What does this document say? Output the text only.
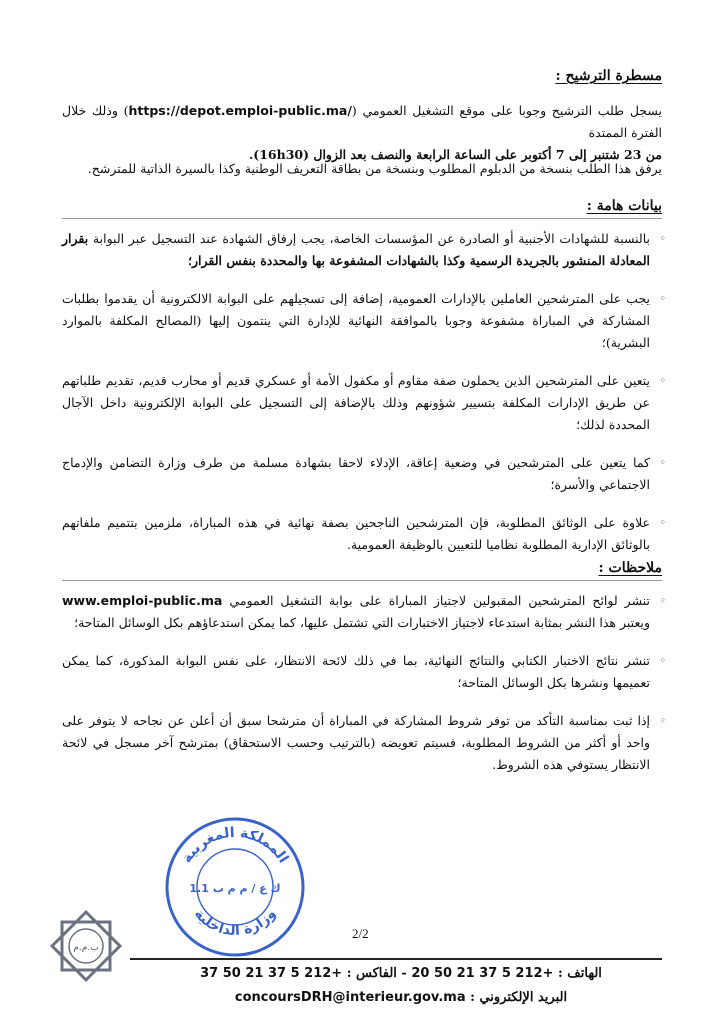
مسطرة الترشيح :

يسجل طلب الترشيح وجوبا على موقع التشغيل العمومي (https://depot.emploi-public.ma/) وذلك خلال الفترة الممتدة
من 23 شتنبر إلى 7 أكتوبر على الساعة الرابعة والنصف بعد الزوال (16h30).

يرفق هذا الطلب بنسخة من الدبلوم المطلوب وبنسخة من بطاقة التعريف الوطنية وكذا بالسيرة الذاتية للمترشح.

بيانات هامة :
◦ بالنسبة للشهادات الأجنبية أو الصادرة عن المؤسسات الخاصة، يجب إرفاق الشهادة عند التسجيل عبر البوابة بقرار المعادلة المنشور بالجريدة الرسمية وكذا بالشهادات المشفوعة بها والمحددة بنفس القرار؛
◦ يجب على المترشحين العاملين بالإدارات العمومية، إضافة إلى تسجيلهم على البوابة الالكترونية أن يقدموا بطلبات المشاركة في المباراة مشفوعة وجوبا بالموافقة النهائية للإدارة التي ينتمون إليها (المصالح المكلفة بالموارد البشرية)؛
◦ يتعين على المترشحين الذين يحملون صفة مقاوم أو مكفول الأمة أو عسكري قديم أو محارب قديم، تقديم طلباتهم عن طريق الإدارات المكلفة بتسيير شؤونهم وذلك بالإضافة إلى التسجيل على البوابة الإلكترونية داخل الآجال المحددة لذلك؛
◦ كما يتعين على المترشحين في وضعية إعاقة، الإدلاء لاحقا بشهادة مسلمة من طرف وزارة التضامن والإدماج الاجتماعي والأسرة؛
◦ علاوة على الوثائق المطلوبة، فإن المترشحين الناجحين بصفة نهائية في هذه المباراة، ملزمين بتتميم ملفاتهم بالوثائق الإدارية المطلوبة نظاميا للتعيين بالوظيفة العمومية.
ملاحظات :
◦ تنشر لوائح المترشحين المقبولين لاجتياز المباراة على بوابة التشغيل العمومي www.emploi-public.ma ويعتبر هذا النشر بمثابة استدعاء لاجتياز الاختبارات التي تشتمل عليها، كما يمكن استدعاؤهم بكل الوسائل المتاحة؛
◦ تنشر نتائج الاختبار الكتابي والنتائج النهائية، بما في ذلك لائحة الانتظار، على نفس البوابة المذكورة، كما يمكن تعميمها ونشرها بكل الوسائل المتاحة؛
◦ إذا ثبت بمناسبة التأكد من توفر شروط المشاركة في المباراة أن مترشحا سبق أن أعلن عن نجاحه لا يتوفر على واحد أو أكثر من الشروط المطلوبة، فسيتم تعويضه (بالترتيب وحسب الاستحقاق) بمترشح آخر مسجل في لائحة الانتظار يستوفي هذه الشروط.
المملكة المغربية
ك ع / م م ب 1.1
وزارة الداخلية
ب.م.م
2/2
الهاتف : 20 50 21 37 5 212+ - الفاكس : 37 50 21 37 5 212+
البريد الإلكتروني : concoursDRH@interieur.gov.ma
